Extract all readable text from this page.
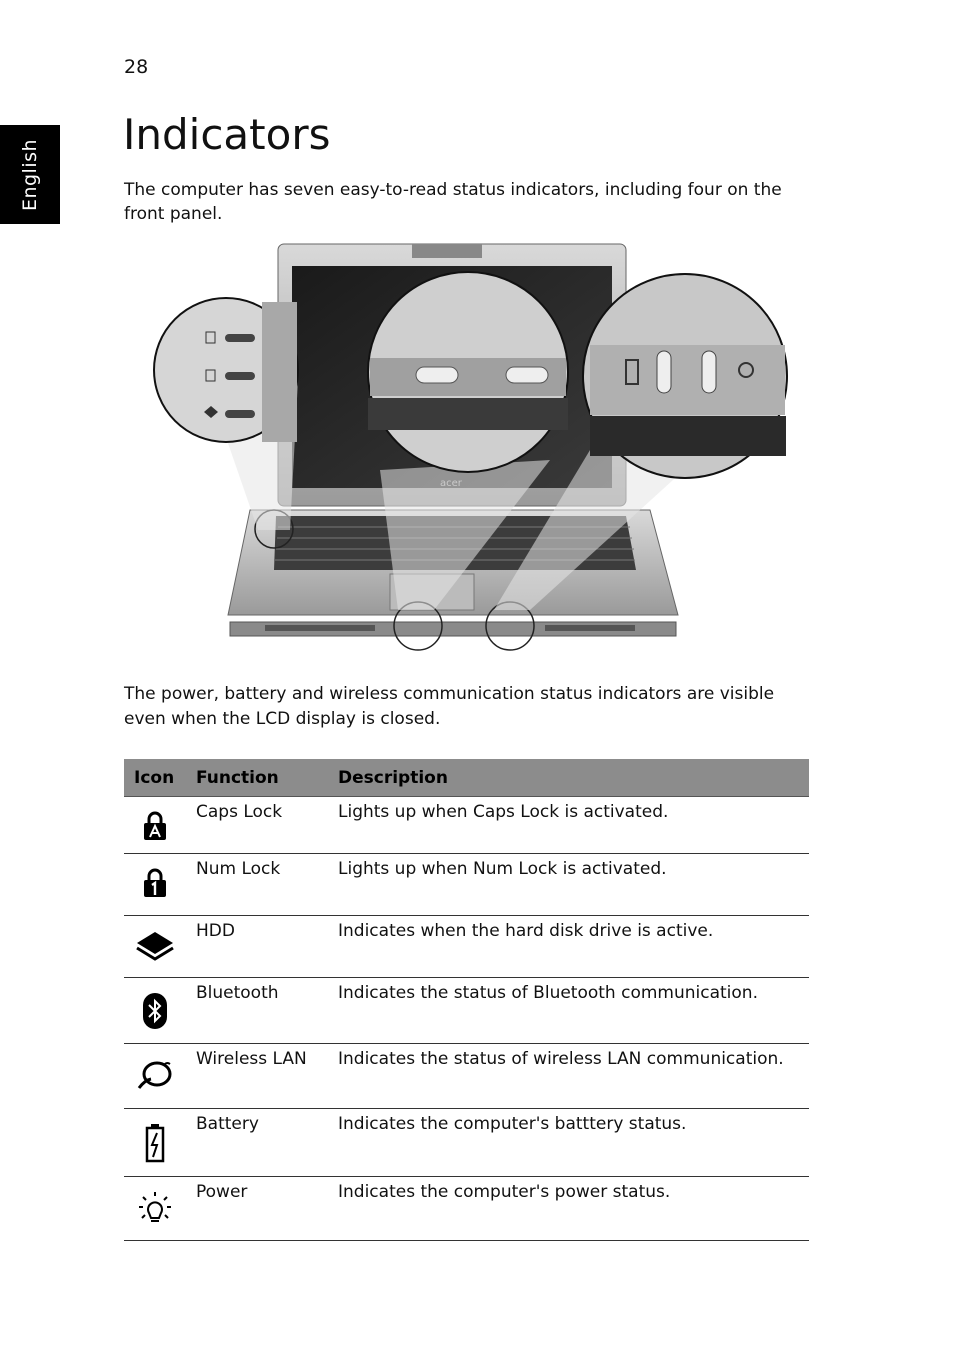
28
English
Indicators

The computer has seven easy-to-read status indicators, including four on the front panel.

The power, battery and wireless communication status indicators are visible even when the LCD display is closed.

Icon	Function	Description

	Caps Lock	Lights up when Caps Lock is activated.

	Num Lock	Lights up when Num Lock is activated.

	HDD	Indicates when the hard disk drive is active.

	Bluetooth	Indicates the status of Bluetooth communication.

	Wireless LAN	Indicates the status of wireless LAN communication.

	Battery	Indicates the computer's batttery status.

	Power	Indicates the computer's power status.
